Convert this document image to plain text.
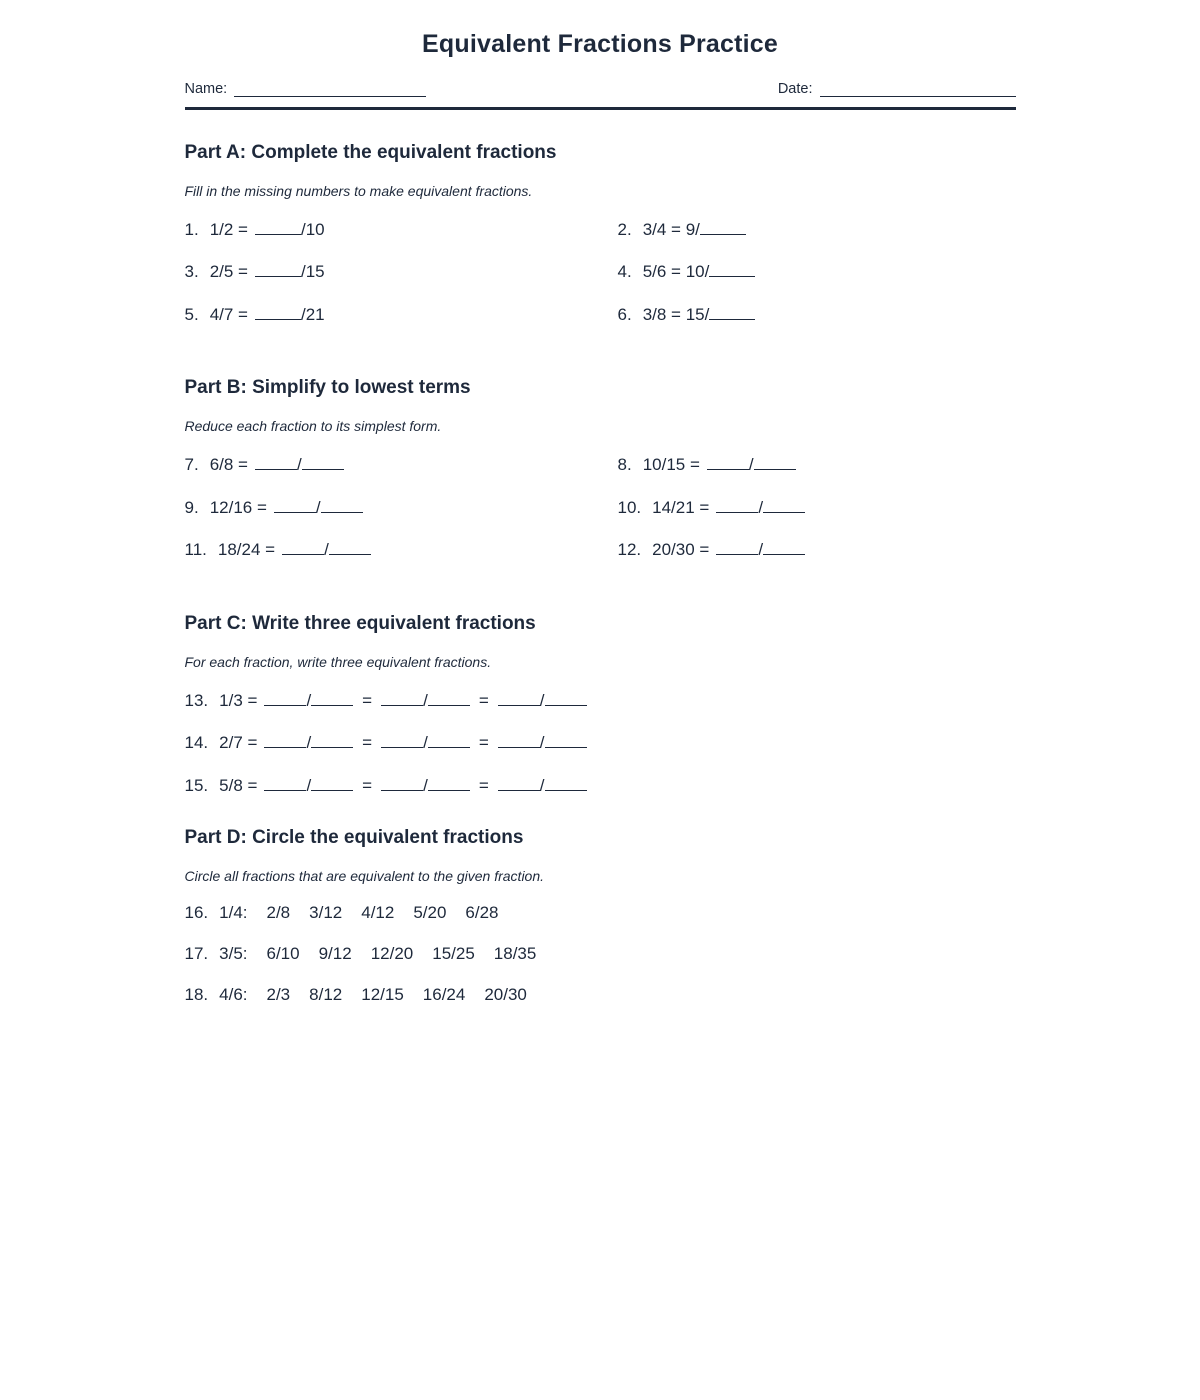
Equivalent Fractions Practice
Name:	Date:
Part A: Complete the equivalent fractions

Fill in the missing numbers to make equivalent fractions.

1. 1/2 =	/10	2. 3/4 = 9/
3. 2/5 =	/15	4. 5/6 = 10/
5. 4/7 =	/21	6. 3/8 = 15/
Part B: Simplify to lowest terms

Reduce each fraction to its simplest form.

7. 6/8 =	/	8. 10/15 =	/
9. 12/16 =	/	10. 14/21 =	/
11. 18/24 =	/	12. 20/30 =	/
Part C: Write three equivalent fractions

For each fraction, write three equivalent fractions.

13. 1/3 =	/	=	/	=	/
14. 2/7 =	/	=	/	=	/
15. 5/8 =	/	=	/	=	/
Part D: Circle the equivalent fractions

Circle all fractions that are equivalent to the given fraction.

16. 1/4: 2/8 3/12 4/12 5/20 6/28
17. 3/5: 6/10 9/12 12/20 15/25 18/35
18. 4/6: 2/3 8/12 12/15 16/24 20/30
